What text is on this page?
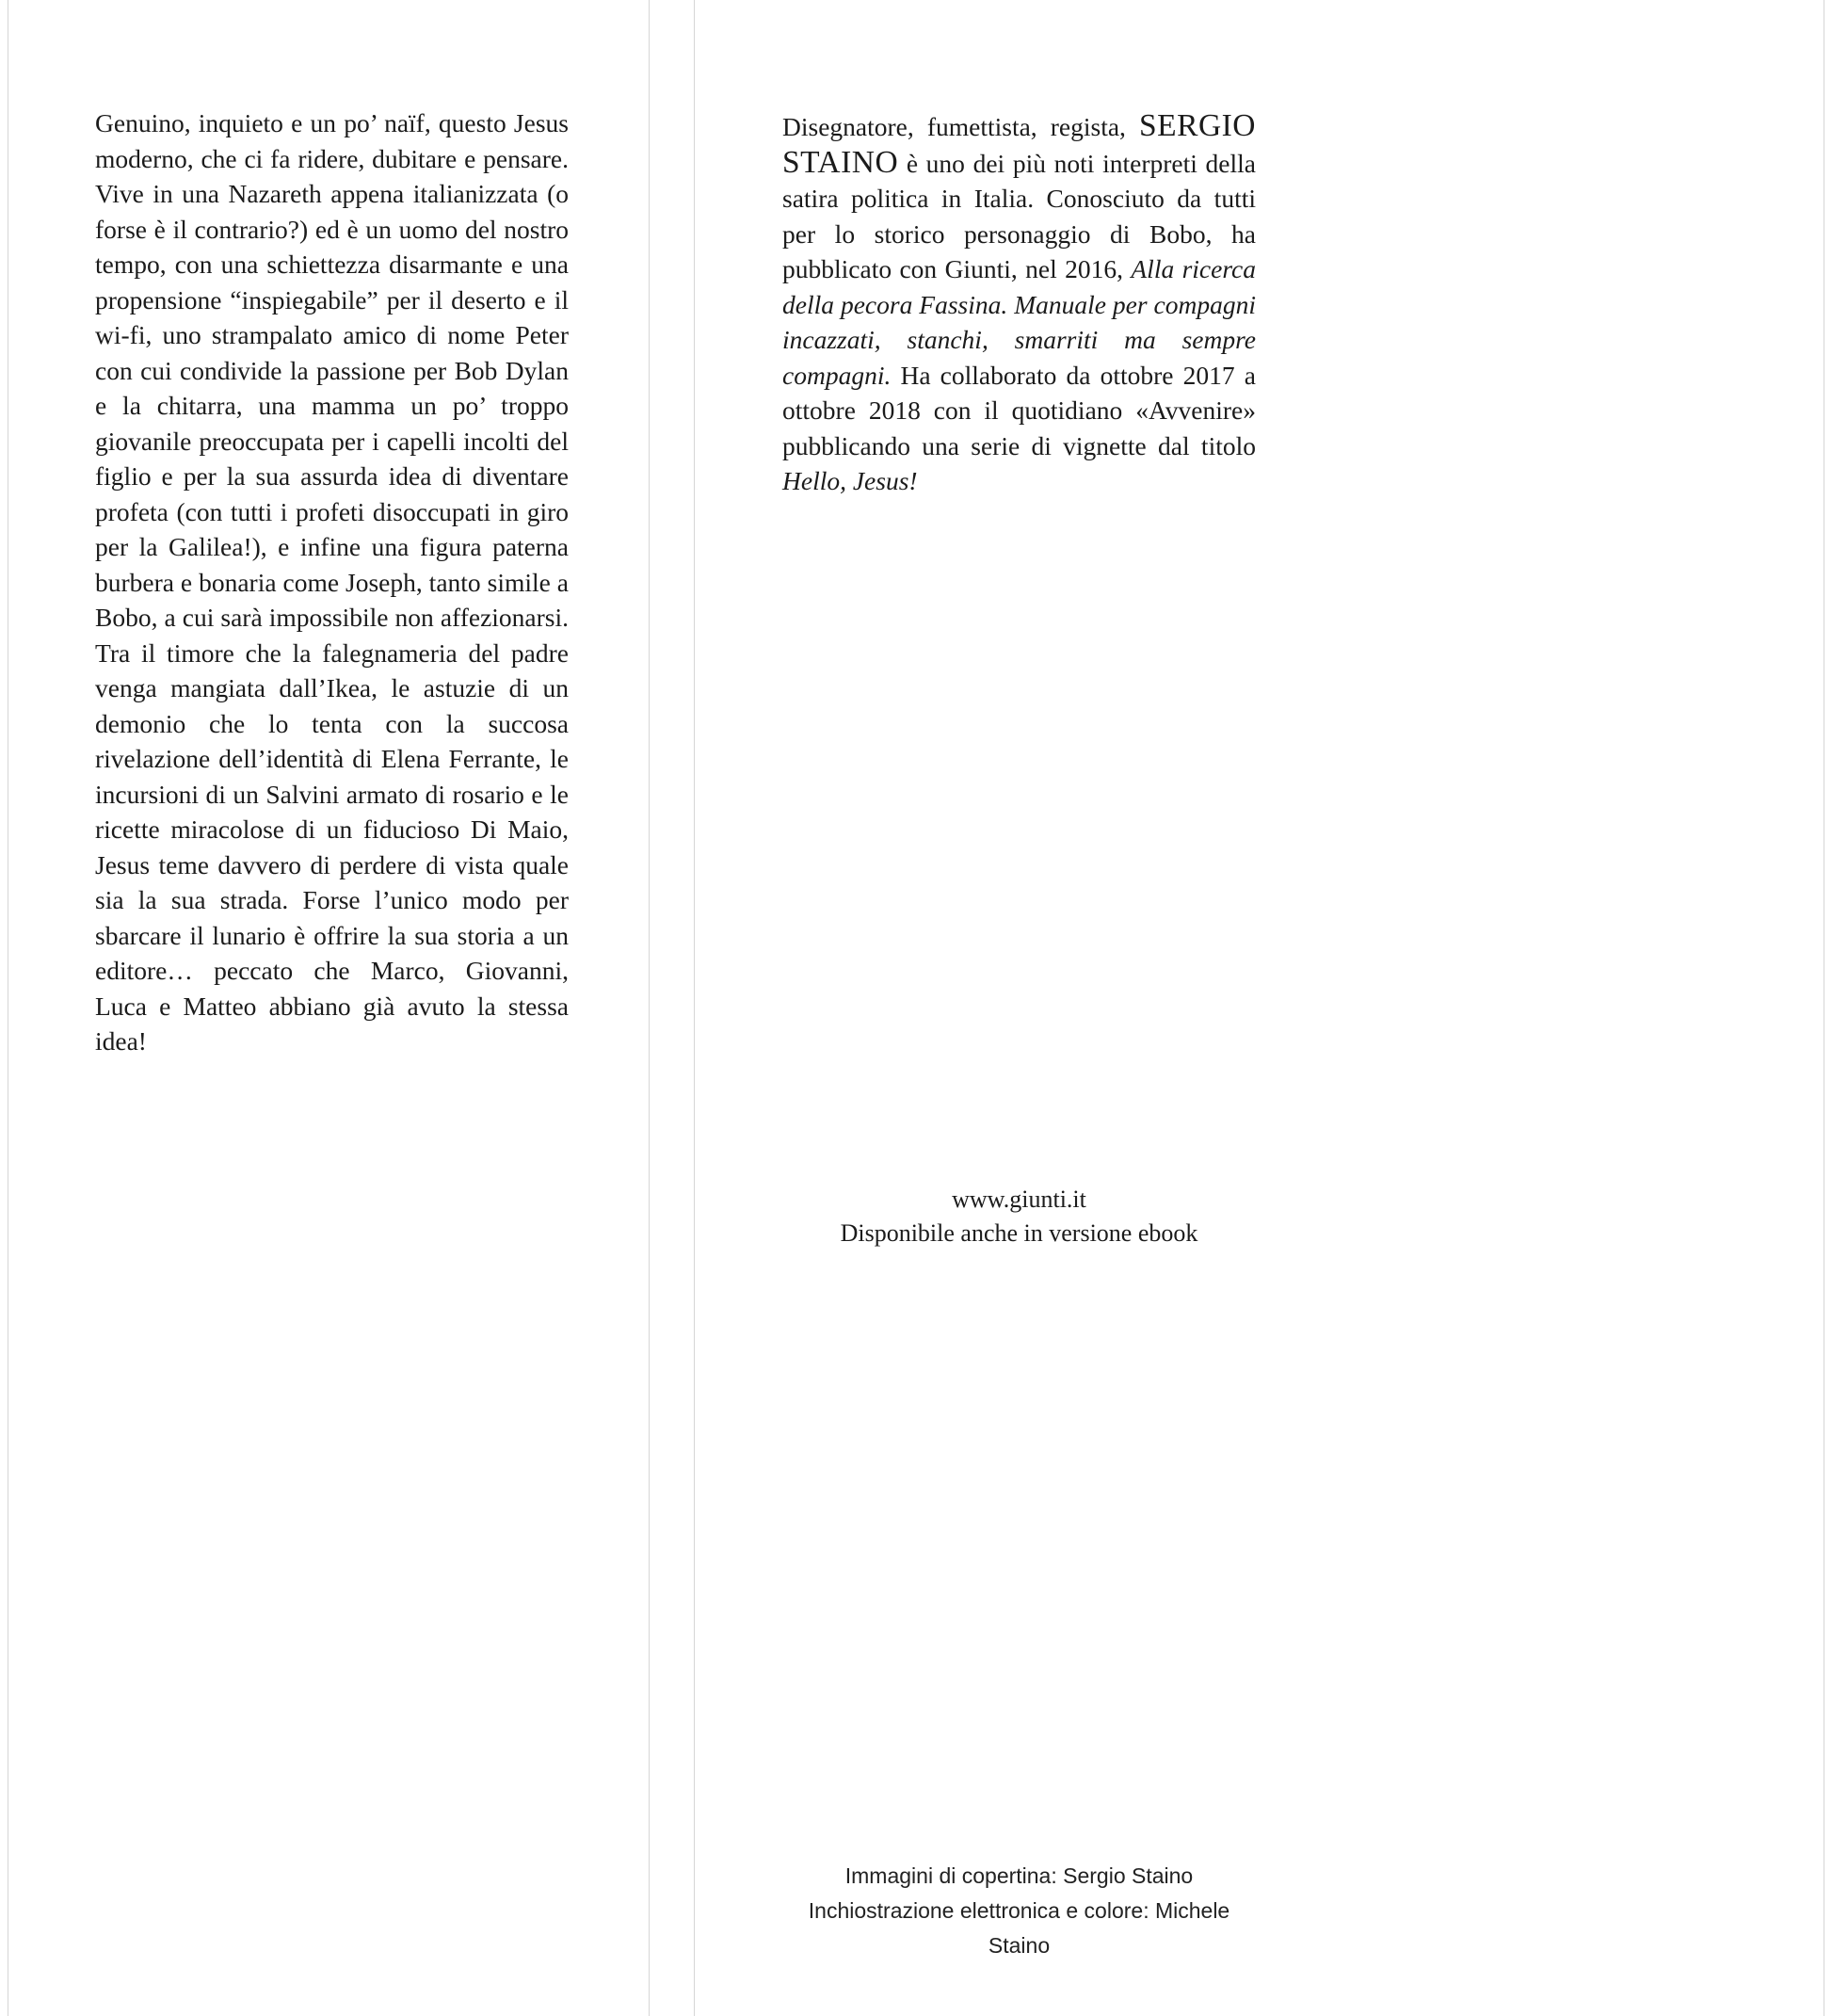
Genuino, inquieto e un po’ naïf, questo Jesus moderno, che ci fa ridere, dubitare e pensare. Vive in una Nazareth appena italianizzata (o forse è il contrario?) ed è un uomo del nostro tempo, con una schiettezza disarmante e una propensione “inspiegabile” per il deserto e il wi-fi, uno strampalato amico di nome Peter con cui condivide la passione per Bob Dylan e la chitarra, una mamma un po’ troppo giovanile preoccupata per i capelli incolti del figlio e per la sua assurda idea di diventare profeta (con tutti i profeti disoccupati in giro per la Galilea!), e infine una figura paterna burbera e bonaria come Joseph, tanto simile a Bobo, a cui sarà impossibile non affezionarsi. Tra il timore che la falegnameria del padre venga mangiata dall’Ikea, le astuzie di un demonio che lo tenta con la succosa rivelazione dell’identità di Elena Ferrante, le incursioni di un Salvini armato di rosario e le ricette miracolose di un fiducioso Di Maio, Jesus teme davvero di perdere di vista quale sia la sua strada. Forse l’unico modo per sbarcare il lunario è offrire la sua storia a un editore… peccato che Marco, Giovanni, Luca e Matteo abbiano già avuto la stessa idea!

Disegnatore, fumettista, regista, SERGIO STAINO è uno dei più noti interpreti della satira politica in Italia. Conosciuto da tutti per lo storico personaggio di Bobo, ha pubblicato con Giunti, nel 2016, Alla ricerca della pecora Fassina. Manuale per compagni incazzati, stanchi, smarriti ma sempre compagni. Ha collaborato da ottobre 2017 a ottobre 2018 con il quotidiano «Avvenire» pubblicando una serie di vignette dal titolo Hello, Jesus!

www.giunti.it

Disponibile anche in versione ebook

Immagini di copertina: Sergio Staino

Inchiostrazione elettronica e colore: Michele Staino
